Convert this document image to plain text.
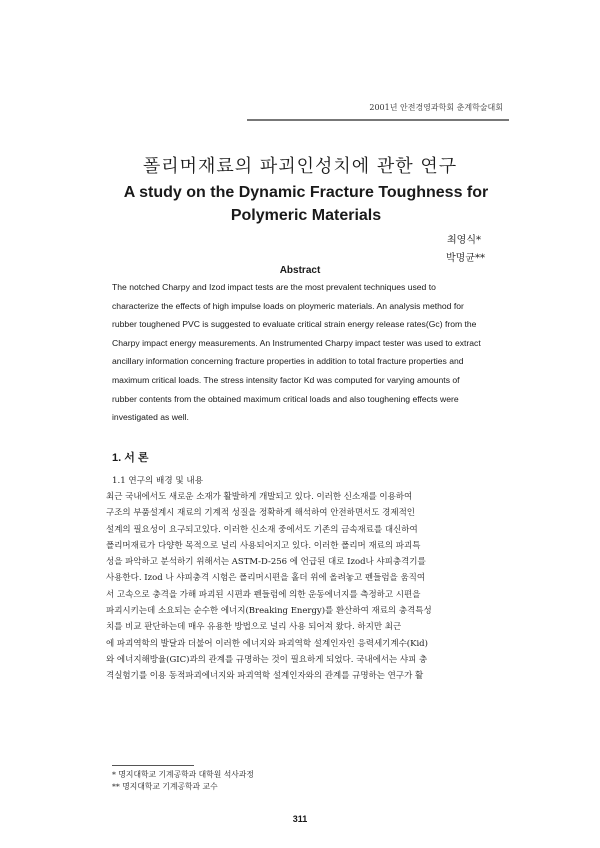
2001년 안전경영과학회 춘계학술대회
폴리머재료의 파괴인성치에 관한 연구
A study on the Dynamic Fracture Toughness for Polymeric Materials
최영식*
박명균**
Abstract
The notched Charpy and Izod impact tests are the most prevalent techniques used to
characterize the effects of high impulse loads on ploymeric materials. An analysis method for
rubber toughened PVC is suggested to evaluate critical strain energy release rates(Gc) from the
Charpy impact energy measurements. An Instrumented Charpy impact tester was used to extract
ancillary information concerning fracture properties in addition to total fracture properties and
maximum critical loads. The stress intensity factor Kd was computed for varying amounts of
rubber contents from the obtained maximum critical loads and also toughening effects were
investigated as well.
1. 서 론
1.1 연구의 배경 및 내용
최근 국내에서도 새로운 소재가 활발하게 개발되고 있다. 이러한 신소재를 이용하여
구조의 부품설계시 재료의 기계적 성질을 정확하게 해석하여 안전하면서도 경제적인
설계의 필요성이 요구되고있다. 이러한 신소재 중에서도 기존의 금속재료를 대신하여
폴리머재료가 다양한 목적으로 널리 사용되어지고 있다. 이러한 폴리머 재료의 파괴특
성을 파악하고 분석하기 위해서는 ASTM-D-256 에 언급된 대로 Izod나 샤피충격기를
사용한다. Izod 나 샤피충격 시험은 폴리머시편을 홀더 위에 올려놓고 펜들럼을 움직여
서 고속으로 충격을 가해 파괴된 시편과 펜들럼에 의한 운동에너지를 측정하고 시편을
파괴시키는데 소요되는 순수한 에너지(Breaking Energy)를 환산하여 재료의 충격특성
치를 비교 판단하는데 매우 유용한 방법으로 널리 사용 되어져 왔다. 하지만 최근
에 파괴역학의 발달과 더불어 이러한 에너지와 파괴역학 설계인자인 응력세기계수(Kid)
와 에너지해방율(GIC)과의 관계를 규명하는 것이 필요하게 되었다. 국내에서는 샤피 충
격실험기를 이용 동적파괴에너지와 파괴역학 설계인자와의 관계를 규명하는 연구가 활
* 명지대학교 기계공학과 대학원 석사과정
** 명지대학교 기계공학과 교수
311
